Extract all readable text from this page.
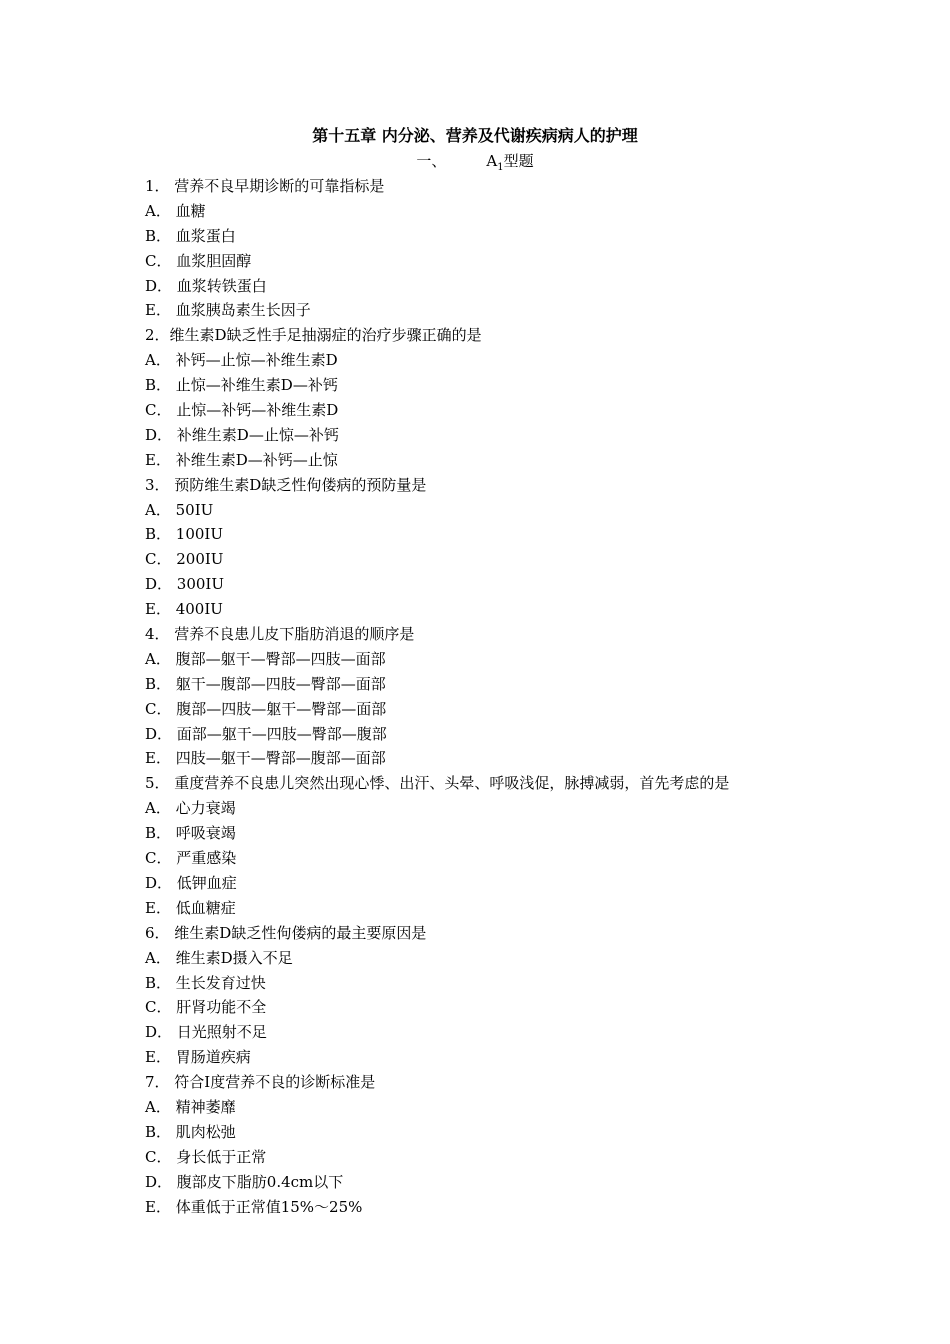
第十五章 内分泌、营养及代谢疾病病人的护理
一、	$A_1$型题
1． 营养不良早期诊断的可靠指标是
A． 血糖
B． 血浆蛋白
C． 血浆胆固醇
D． 血浆转铁蛋白
E． 血浆胰岛素生长因子
2．维生素D缺乏性手足抽溺症的治疗步骤正确的是
A． 补钙—止惊—补维生素D
B． 止惊—补维生素D—补钙
C． 止惊—补钙—补维生素D
D． 补维生素D—止惊—补钙
E． 补维生素D—补钙—止惊
3． 预防维生素D缺乏性佝偻病的预防量是
A． 50IU
B． 100IU
C． 200IU
D． 300IU
E． 400IU
4． 营养不良患儿皮下脂肪消退的顺序是
A． 腹部—躯干—臀部—四肢—面部
B． 躯干—腹部—四肢—臀部—面部
C． 腹部—四肢—躯干—臀部—面部
D． 面部—躯干—四肢—臀部—腹部
E． 四肢—躯干—臀部—腹部—面部
5． 重度营养不良患儿突然出现心悸、出汗、头晕、呼吸浅促，脉搏减弱，首先考虑的是
A． 心力衰竭
B． 呼吸衰竭
C． 严重感染
D． 低钾血症
E． 低血糖症
6． 维生素D缺乏性佝偻病的最主要原因是
A． 维生素D摄入不足
B． 生长发育过快
C． 肝肾功能不全
D． 日光照射不足
E． 胃肠道疾病
7． 符合Ⅰ度营养不良的诊断标准是
A． 精神萎靡
B． 肌肉松弛
C． 身长低于正常
D． 腹部皮下脂肪0.4cm以下
E． 体重低于正常值15%～25%
